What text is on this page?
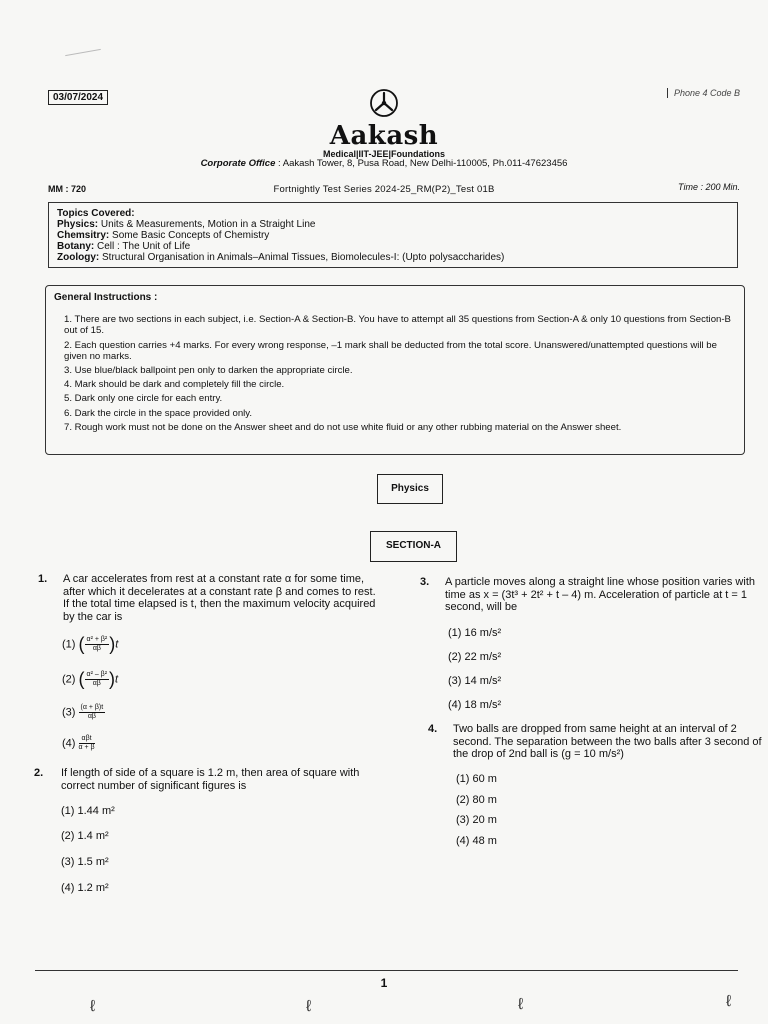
03/07/2024	Phone 4 Code B
Aakash
Medical|IIT-JEE|Foundations
Corporate Office : Aakash Tower, 8, Pusa Road, New Delhi-110005, Ph.011-47623456
MM : 720	Fortnightly Test Series 2024-25_RM(P2)_Test 01B	Time : 200 Min.
Topics Covered:
Physics: Units & Measurements, Motion in a Straight Line
Chemsitry: Some Basic Concepts of Chemistry
Botany: Cell : The Unit of Life
Zoology: Structural Organisation in Animals–Animal Tissues, Biomolecules-I: (Upto polysaccharides)
General Instructions :
1. There are two sections in each subject, i.e. Section-A & Section-B. You have to attempt all 35 questions from Section-A & only 10 questions from Section-B out of 15.
2. Each question carries +4 marks. For every wrong response, –1 mark shall be deducted from the total score. Unanswered/unattempted questions will be given no marks.
3. Use blue/black ballpoint pen only to darken the appropriate circle.
4. Mark should be dark and completely fill the circle.
5. Dark only one circle for each entry.
6. Dark the circle in the space provided only.
7. Rough work must not be done on the Answer sheet and do not use white fluid or any other rubbing material on the Answer sheet.
Physics
SECTION-A
1. A car accelerates from rest at a constant rate α for some time, after which it decelerates at a constant rate β and comes to rest. If the total time elapsed is t, then the maximum velocity acquired by the car is
(1) ( $\frac{\text{α² + β²}}{\alpha\beta} )t$
(2) ( $\frac{\text{α² – β²}}{\alpha\beta} )t$
$(3) \frac{(\alpha + \beta)t}{\alpha\beta}$
$(4) \frac{\text{αβt}}{\alpha + \beta}$
2. If length of side of a square is 1.2 m, then area of square with correct number of significant figures is
(1) 1.44 m²
(2) 1.4 m²
(3) 1.5 m²
(4) 1.2 m²
3. A particle moves along a straight line whose position varies with time as x = (3t³ + 2t² + t – 4) m. Acceleration of particle at t = 1 second, will be
(1) 16 m/s²
(2) 22 m/s²
(3) 14 m/s²
(4) 18 m/s²
4. Two balls are dropped from same height at an interval of 2 second. The separation between the two balls after 3 second of the drop of 2nd ball is (g = 10 m/s²)
(1) 60 m
(2) 80 m
(3) 20 m
(4) 48 m
1
ℓ	ℓ	ℓ	ℓ
